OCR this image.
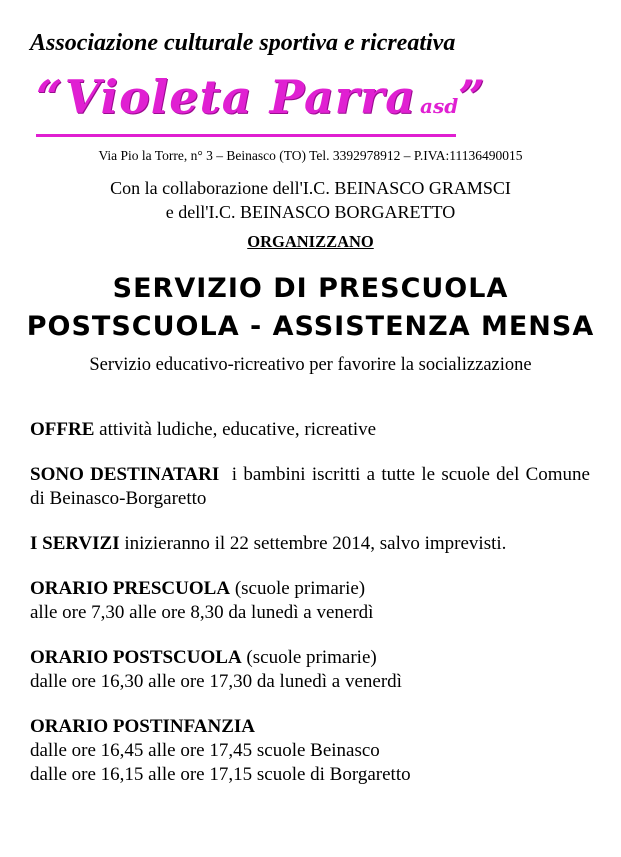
Associazione culturale sportiva e ricreativa
“Violeta Parra asd”
Via Pio la Torre, n° 3 – Beinasco (TO) Tel. 3392978912 – P.IVA:11136490015
Con la collaborazione dell'I.C. BEINASCO GRAMSCI
e dell'I.C. BEINASCO BORGARETTO
ORGANIZZANO
SERVIZIO DI PRESCUOLA
POSTSCUOLA - ASSISTENZA MENSA
Servizio educativo-ricreativo per favorire la socializzazione

OFFRE attività ludiche, educative, ricreative

SONO DESTINATARI  i bambini iscritti a tutte le scuole del Comune di Beinasco-Borgaretto

I SERVIZI inizieranno il 22 settembre 2014, salvo imprevisti.

ORARIO PRESCUOLA (scuole primarie)
alle ore 7,30 alle ore 8,30 da lunedì a venerdì

ORARIO POSTSCUOLA (scuole primarie)
dalle ore 16,30 alle ore 17,30 da lunedì a venerdì

ORARIO POSTINFANZIA
dalle ore 16,45 alle ore 17,45 scuole Beinasco
dalle ore 16,15 alle ore 17,15 scuole di Borgaretto
